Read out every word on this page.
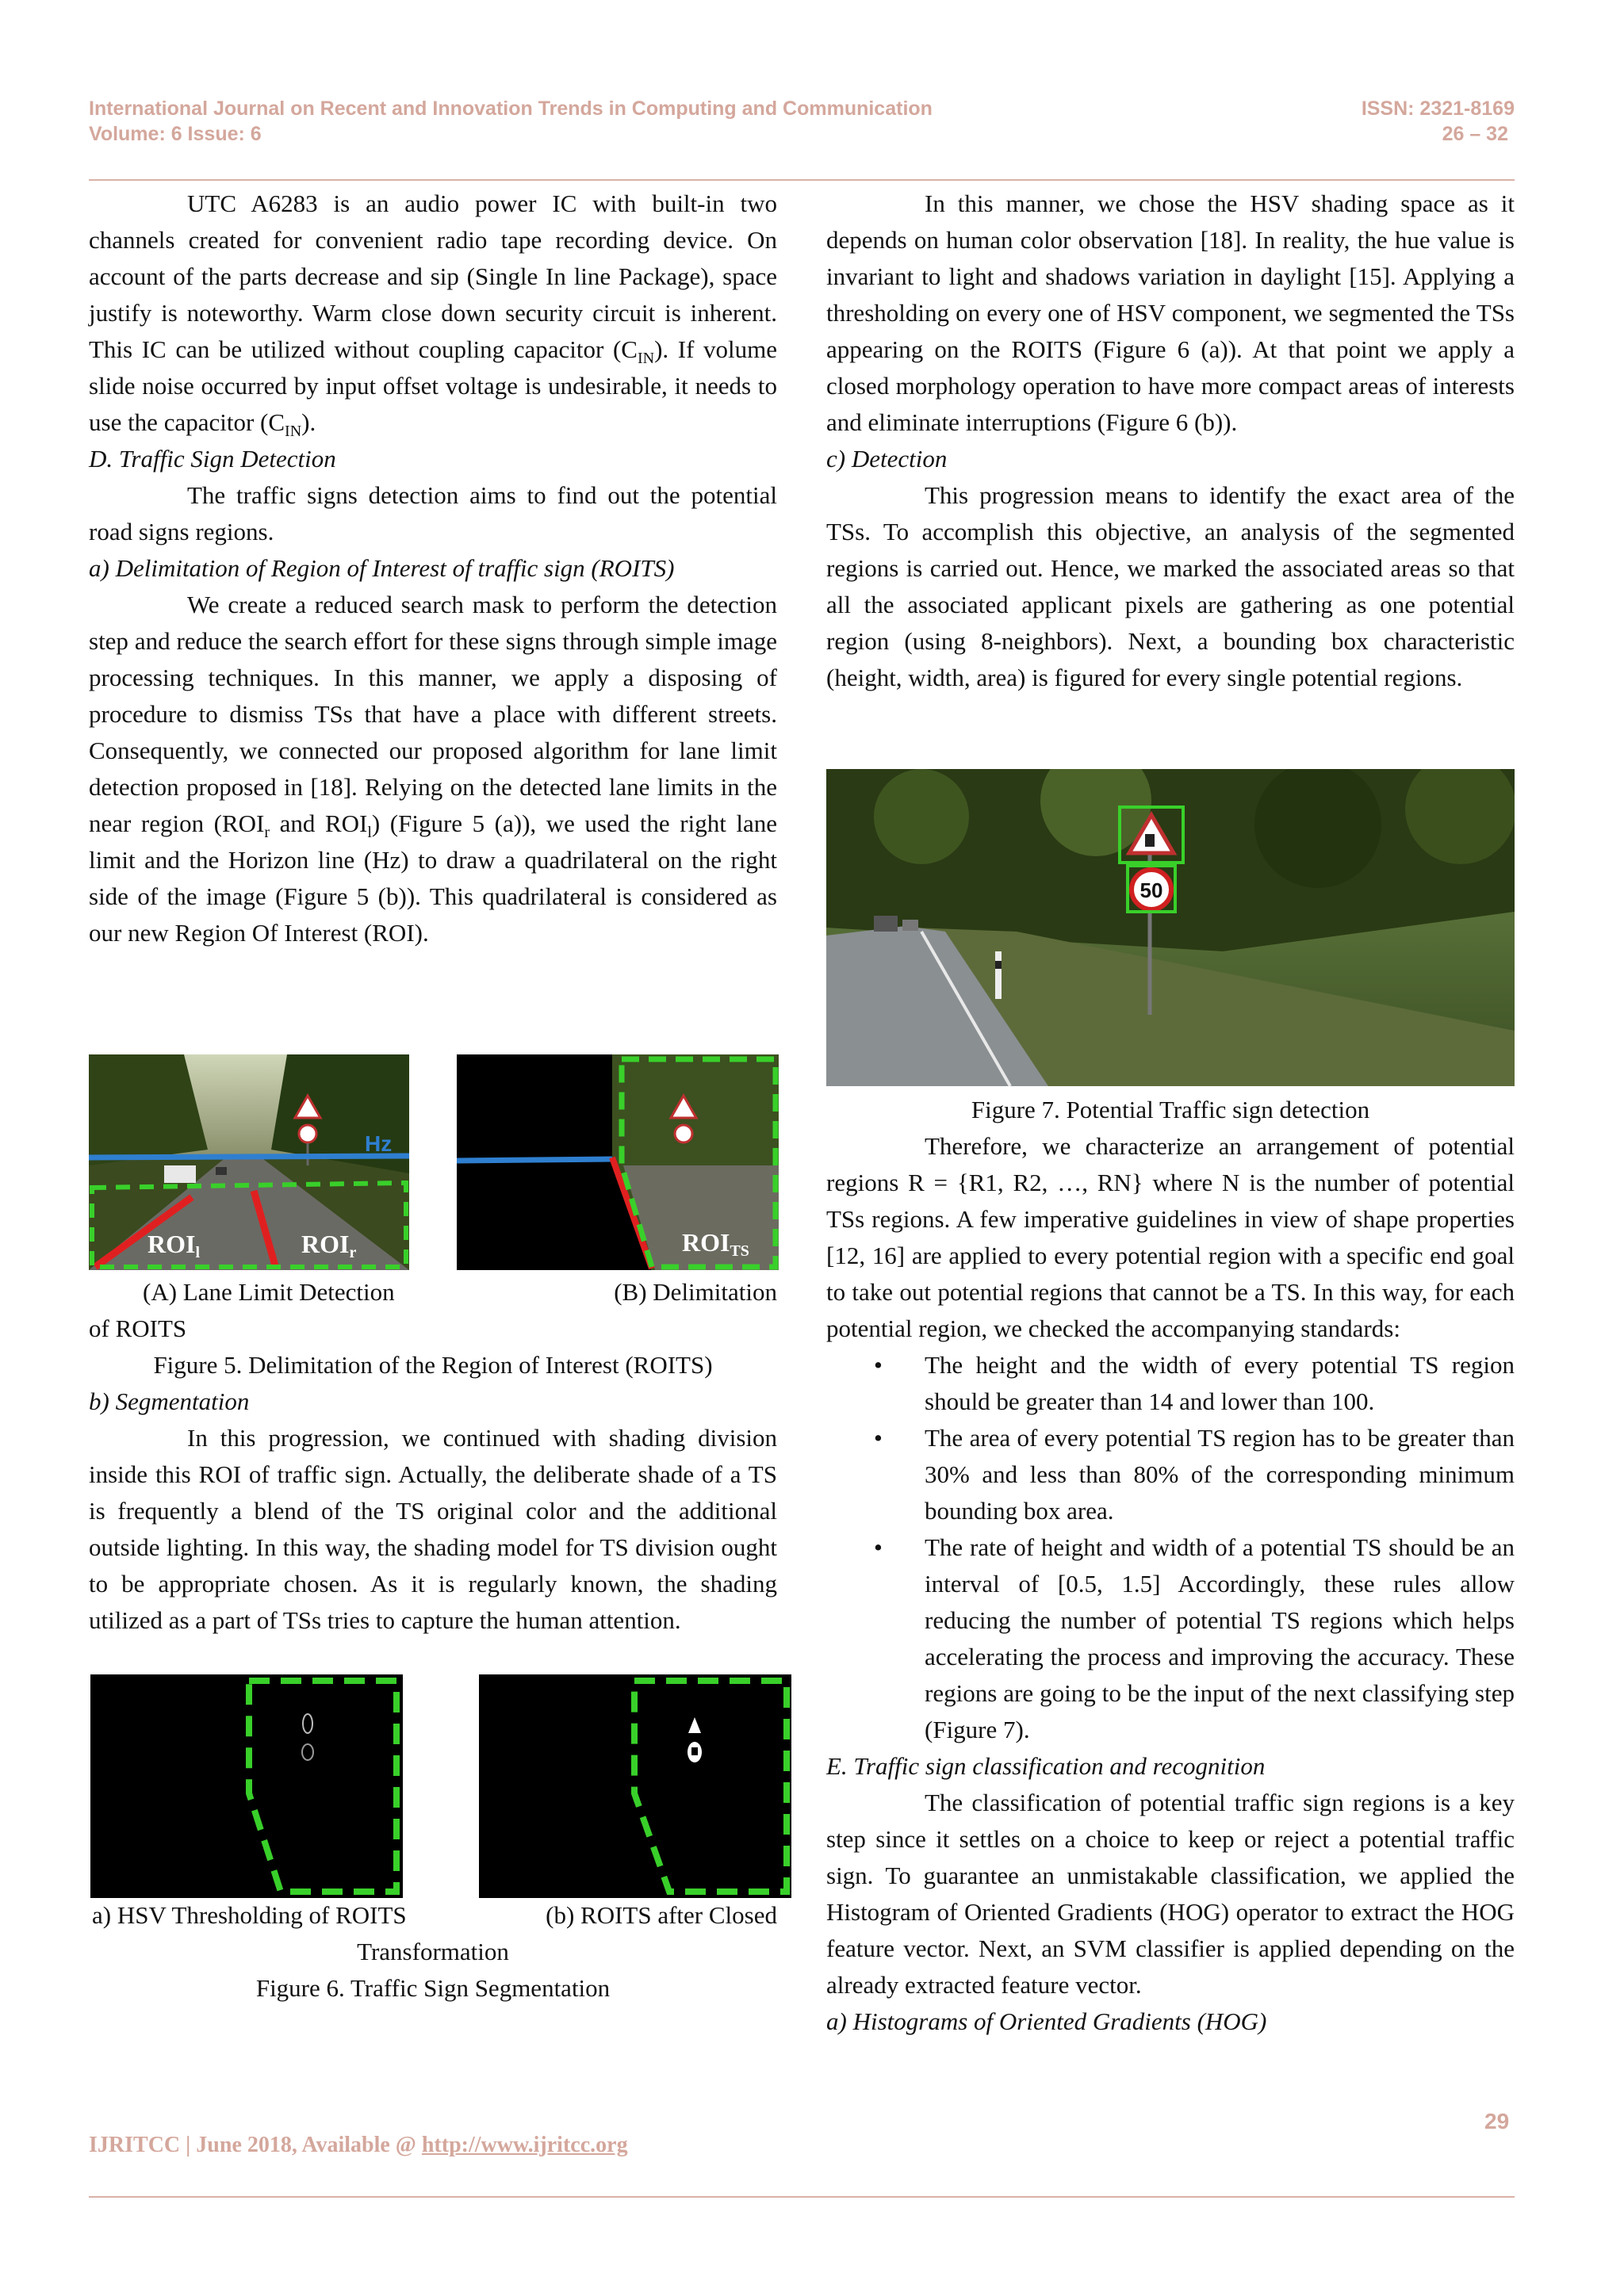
International Journal on Recent and Innovation Trends in Computing and Communication
Volume: 6 Issue: 6
ISSN: 2321-8169
26 – 32

UTC A6283 is an audio power IC with built-in two channels created for convenient radio tape recording device. On account of the parts decrease and sip (Single In line Package), space justify is noteworthy. Warm close down security circuit is inherent. This IC can be utilized without coupling capacitor $(C_{IN})$. If volume slide noise occurred by input offset voltage is undesirable, it needs to use the capacitor $(C_{IN})$.

D. Traffic Sign Detection

The traffic signs detection aims to find out the potential road signs regions.

a) Delimitation of Region of Interest of traffic sign (ROITS)

We create a reduced search mask to perform the detection step and reduce the search effort for these signs through simple image processing techniques. In this manner, we apply a disposing of procedure to dismiss TSs that have a place with different streets. Consequently, we connected our proposed algorithm for lane limit detection proposed in [18]. Relying on the detected lane limits in the near region ($ROI_r$ and $ROI_l$) (Figure 5 (a)), we used the right lane limit and the Horizon line (Hz) to draw a quadrilateral on the right side of the image (Figure 5 (b)). This quadrilateral is considered as our new Region Of Interest (ROI).

Hz
ROIl	ROIr	ROITS

(A) Lane Limit Detection	(B) Delimitation

of ROITS

Figure 5. Delimitation of the Region of Interest (ROITS)

b) Segmentation

In this progression, we continued with shading division inside this ROI of traffic sign. Actually, the deliberate shade of a TS is frequently a blend of the TS original color and the additional outside lighting. In this way, the shading model for TS division ought to be appropriate chosen. As it is regularly known, the shading utilized as a part of TSs tries to capture the human attention.

a) HSV Thresholding of ROITS	(b) ROITS after Closed

Transformation

Figure 6. Traffic Sign Segmentation

In this manner, we chose the HSV shading space as it depends on human color observation [18]. In reality, the hue value is invariant to light and shadows variation in daylight [15]. Applying a thresholding on every one of HSV component, we segmented the TSs appearing on the ROITS (Figure 6 (a)). At that point we apply a closed morphology operation to have more compact areas of interests and eliminate interruptions (Figure 6 (b)).

c) Detection

This progression means to identify the exact area of the TSs. To accomplish this objective, an analysis of the segmented regions is carried out. Hence, we marked the associated areas so that all the associated applicant pixels are gathering as one potential region (using 8-neighbors). Next, a bounding box characteristic (height, width, area) is figured for every single potential regions.

50

Figure 7. Potential Traffic sign detection

Therefore, we characterize an arrangement of potential regions R = {R1, R2, …, RN} where N is the number of potential TSs regions. A few imperative guidelines in view of shape properties [12, 16] are applied to every potential region with a specific end goal to take out potential regions that cannot be a TS. In this way, for each potential region, we checked the accompanying standards:

• The height and the width of every potential TS region should be greater than 14 and lower than 100.
• The area of every potential TS region has to be greater than 30% and less than 80% of the corresponding minimum bounding box area.
• The rate of height and width of a potential TS should be an interval of [0.5, 1.5] Accordingly, these rules allow reducing the number of potential TS regions which helps accelerating the process and improving the accuracy. These regions are going to be the input of the next classifying step (Figure 7).

E. Traffic sign classification and recognition

The classification of potential traffic sign regions is a key step since it settles on a choice to keep or reject a potential traffic sign. To guarantee an unmistakable classification, we applied the Histogram of Oriented Gradients (HOG) operator to extract the HOG feature vector. Next, an SVM classifier is applied depending on the already extracted feature vector.

a) Histograms of Oriented Gradients (HOG)

29
IJRITCC | June 2018, Available @ http://www.ijritcc.org
